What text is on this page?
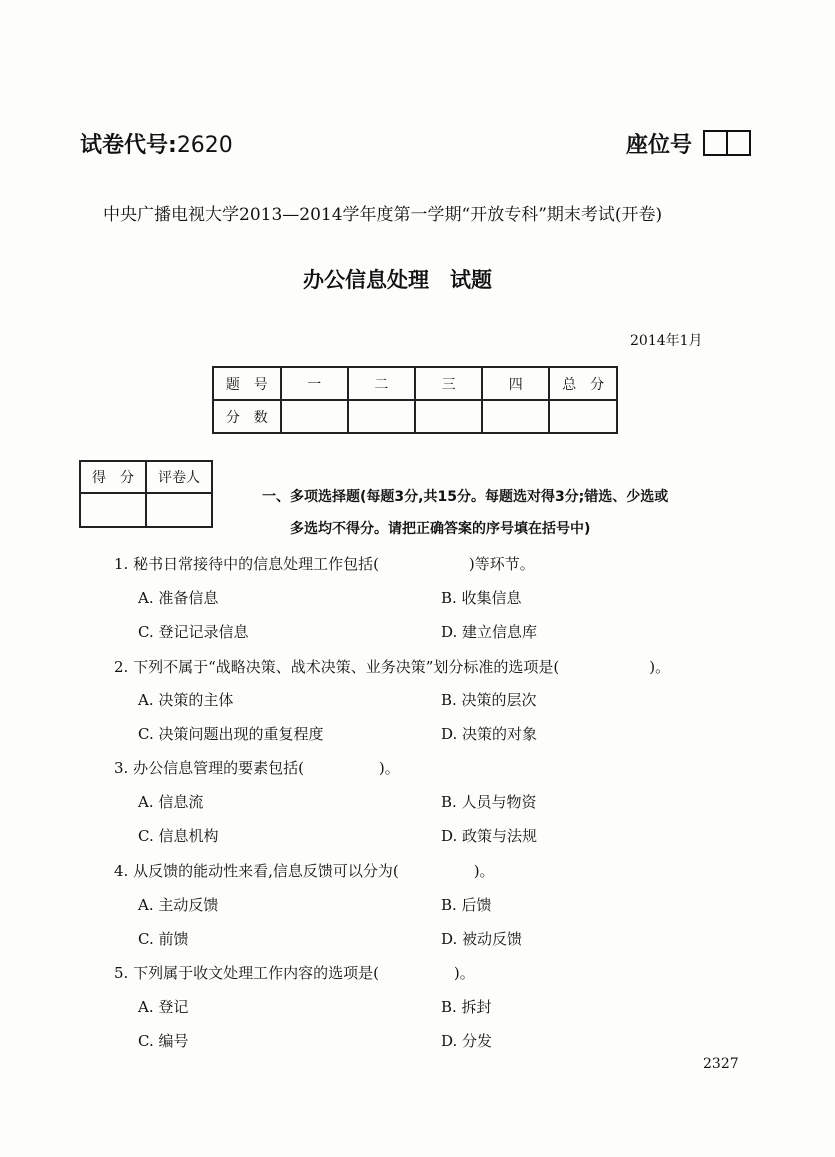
试卷代号:2620	座位号
中央广播电视大学2013—2014学年度第一学期“开放专科”期末考试(开卷)
办公信息处理　试题
2014年1月
题　号	一	二	三	四	总　分
分　数					
得　分	评卷人

一、多项选择题(每题3分,共15分。每题选对得3分;错选、少选或
多选均不得分。请把正确答案的序号填在括号中)
1. 秘书日常接待中的信息处理工作包括(　　　　　　)等环节。
A. 准备信息	B. 收集信息
C. 登记记录信息	D. 建立信息库
2. 下列不属于“战略决策、战术决策、业务决策”划分标准的选项是(　　　　　　)。
A. 决策的主体	B. 决策的层次
C. 决策问题出现的重复程度	D. 决策的对象
3. 办公信息管理的要素包括(　　　　　)。
A. 信息流	B. 人员与物资
C. 信息机构	D. 政策与法规
4. 从反馈的能动性来看,信息反馈可以分为(　　　　　)。
A. 主动反馈	B. 后馈
C. 前馈	D. 被动反馈
5. 下列属于收文处理工作内容的选项是(　　　　　)。
A. 登记	B. 拆封
C. 编号	D. 分发
2327
